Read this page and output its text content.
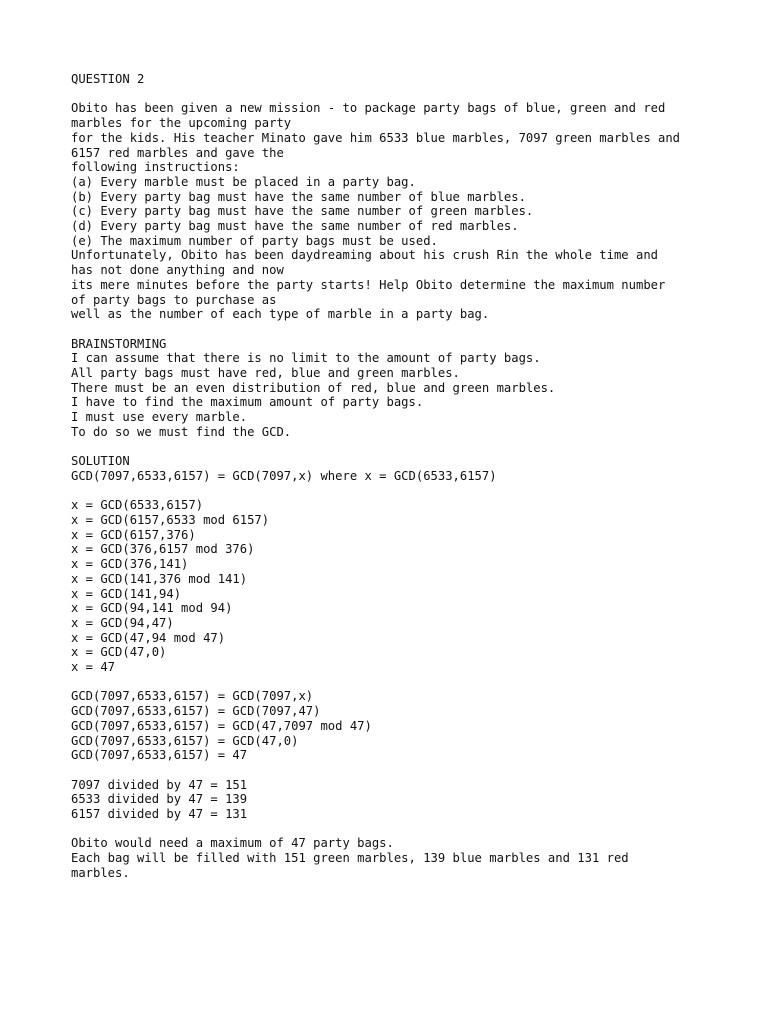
QUESTION 2
Obito has been given a new mission - to package party bags of blue, green and red
marbles for the upcoming party
for the kids. His teacher Minato gave him 6533 blue marbles, 7097 green marbles and
6157 red marbles and gave the
following instructions:
(a) Every marble must be placed in a party bag.
(b) Every party bag must have the same number of blue marbles.
(c) Every party bag must have the same number of green marbles.
(d) Every party bag must have the same number of red marbles.
(e) The maximum number of party bags must be used.
Unfortunately, Obito has been daydreaming about his crush Rin the whole time and
has not done anything and now
its mere minutes before the party starts! Help Obito determine the maximum number
of party bags to purchase as
well as the number of each type of marble in a party bag.
BRAINSTORMING
I can assume that there is no limit to the amount of party bags.
All party bags must have red, blue and green marbles.
There must be an even distribution of red, blue and green marbles.
I have to find the maximum amount of party bags.
I must use every marble.
To do so we must find the GCD.
SOLUTION
GCD(7097,6533,6157) = GCD(7097,x) where x = GCD(6533,6157)
x = GCD(6533,6157)
x = GCD(6157,6533 mod 6157)
x = GCD(6157,376)
x = GCD(376,6157 mod 376)
x = GCD(376,141)
x = GCD(141,376 mod 141)
x = GCD(141,94)
x = GCD(94,141 mod 94)
x = GCD(94,47)
x = GCD(47,94 mod 47)
x = GCD(47,0)
x = 47
GCD(7097,6533,6157) = GCD(7097,x)
GCD(7097,6533,6157) = GCD(7097,47)
GCD(7097,6533,6157) = GCD(47,7097 mod 47)
GCD(7097,6533,6157) = GCD(47,0)
GCD(7097,6533,6157) = 47
7097 divided by 47 = 151
6533 divided by 47 = 139
6157 divided by 47 = 131
Obito would need a maximum of 47 party bags.
Each bag will be filled with 151 green marbles, 139 blue marbles and 131 red
marbles.
